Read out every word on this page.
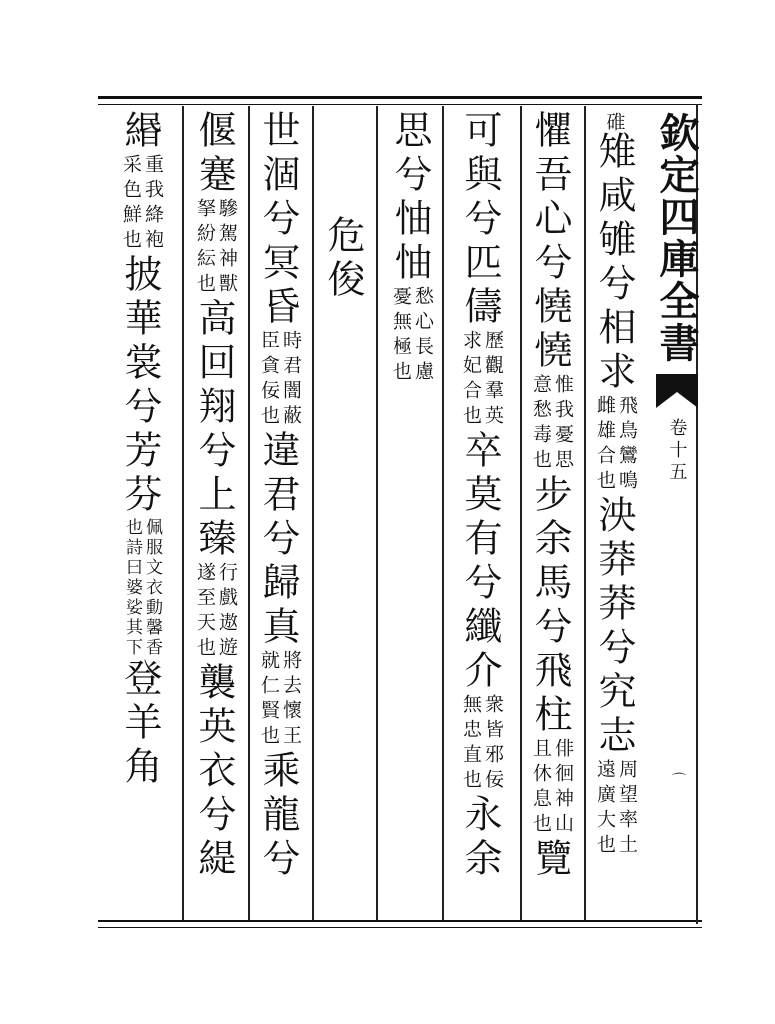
欽定四庫全書
卷十五
⌒
碓
雉咸雊兮相求
飛鳥鸞鳴
雌雄合也
泱莽莽兮究志
周望率土
遠廣大也
懼吾心兮憢憢
惟我憂思
意愁毒也
步余馬兮飛柱
俳徊神山
且休息也
覽
可與兮匹儔
歷觀羣英
求妃合也
卒莫有兮纖介
衆皆邪佞
無忠直也
永余
思兮怞怞
愁心長慮
憂無極也
危俊
世涸兮冥昏
時君闇蔽
臣貪佞也
違君兮歸真
將去懷王
就仁賢也
乘龍兮
偃蹇
驂駕神獸
拏紛紜也
高回翔兮上臻
行戲遨遊
遂至天也
襲英衣兮緹
緡
重我絳袍
采色鮮也
披華裳兮芳芬
佩服文衣動馨香
也詩曰婆娑其下
登羊角
